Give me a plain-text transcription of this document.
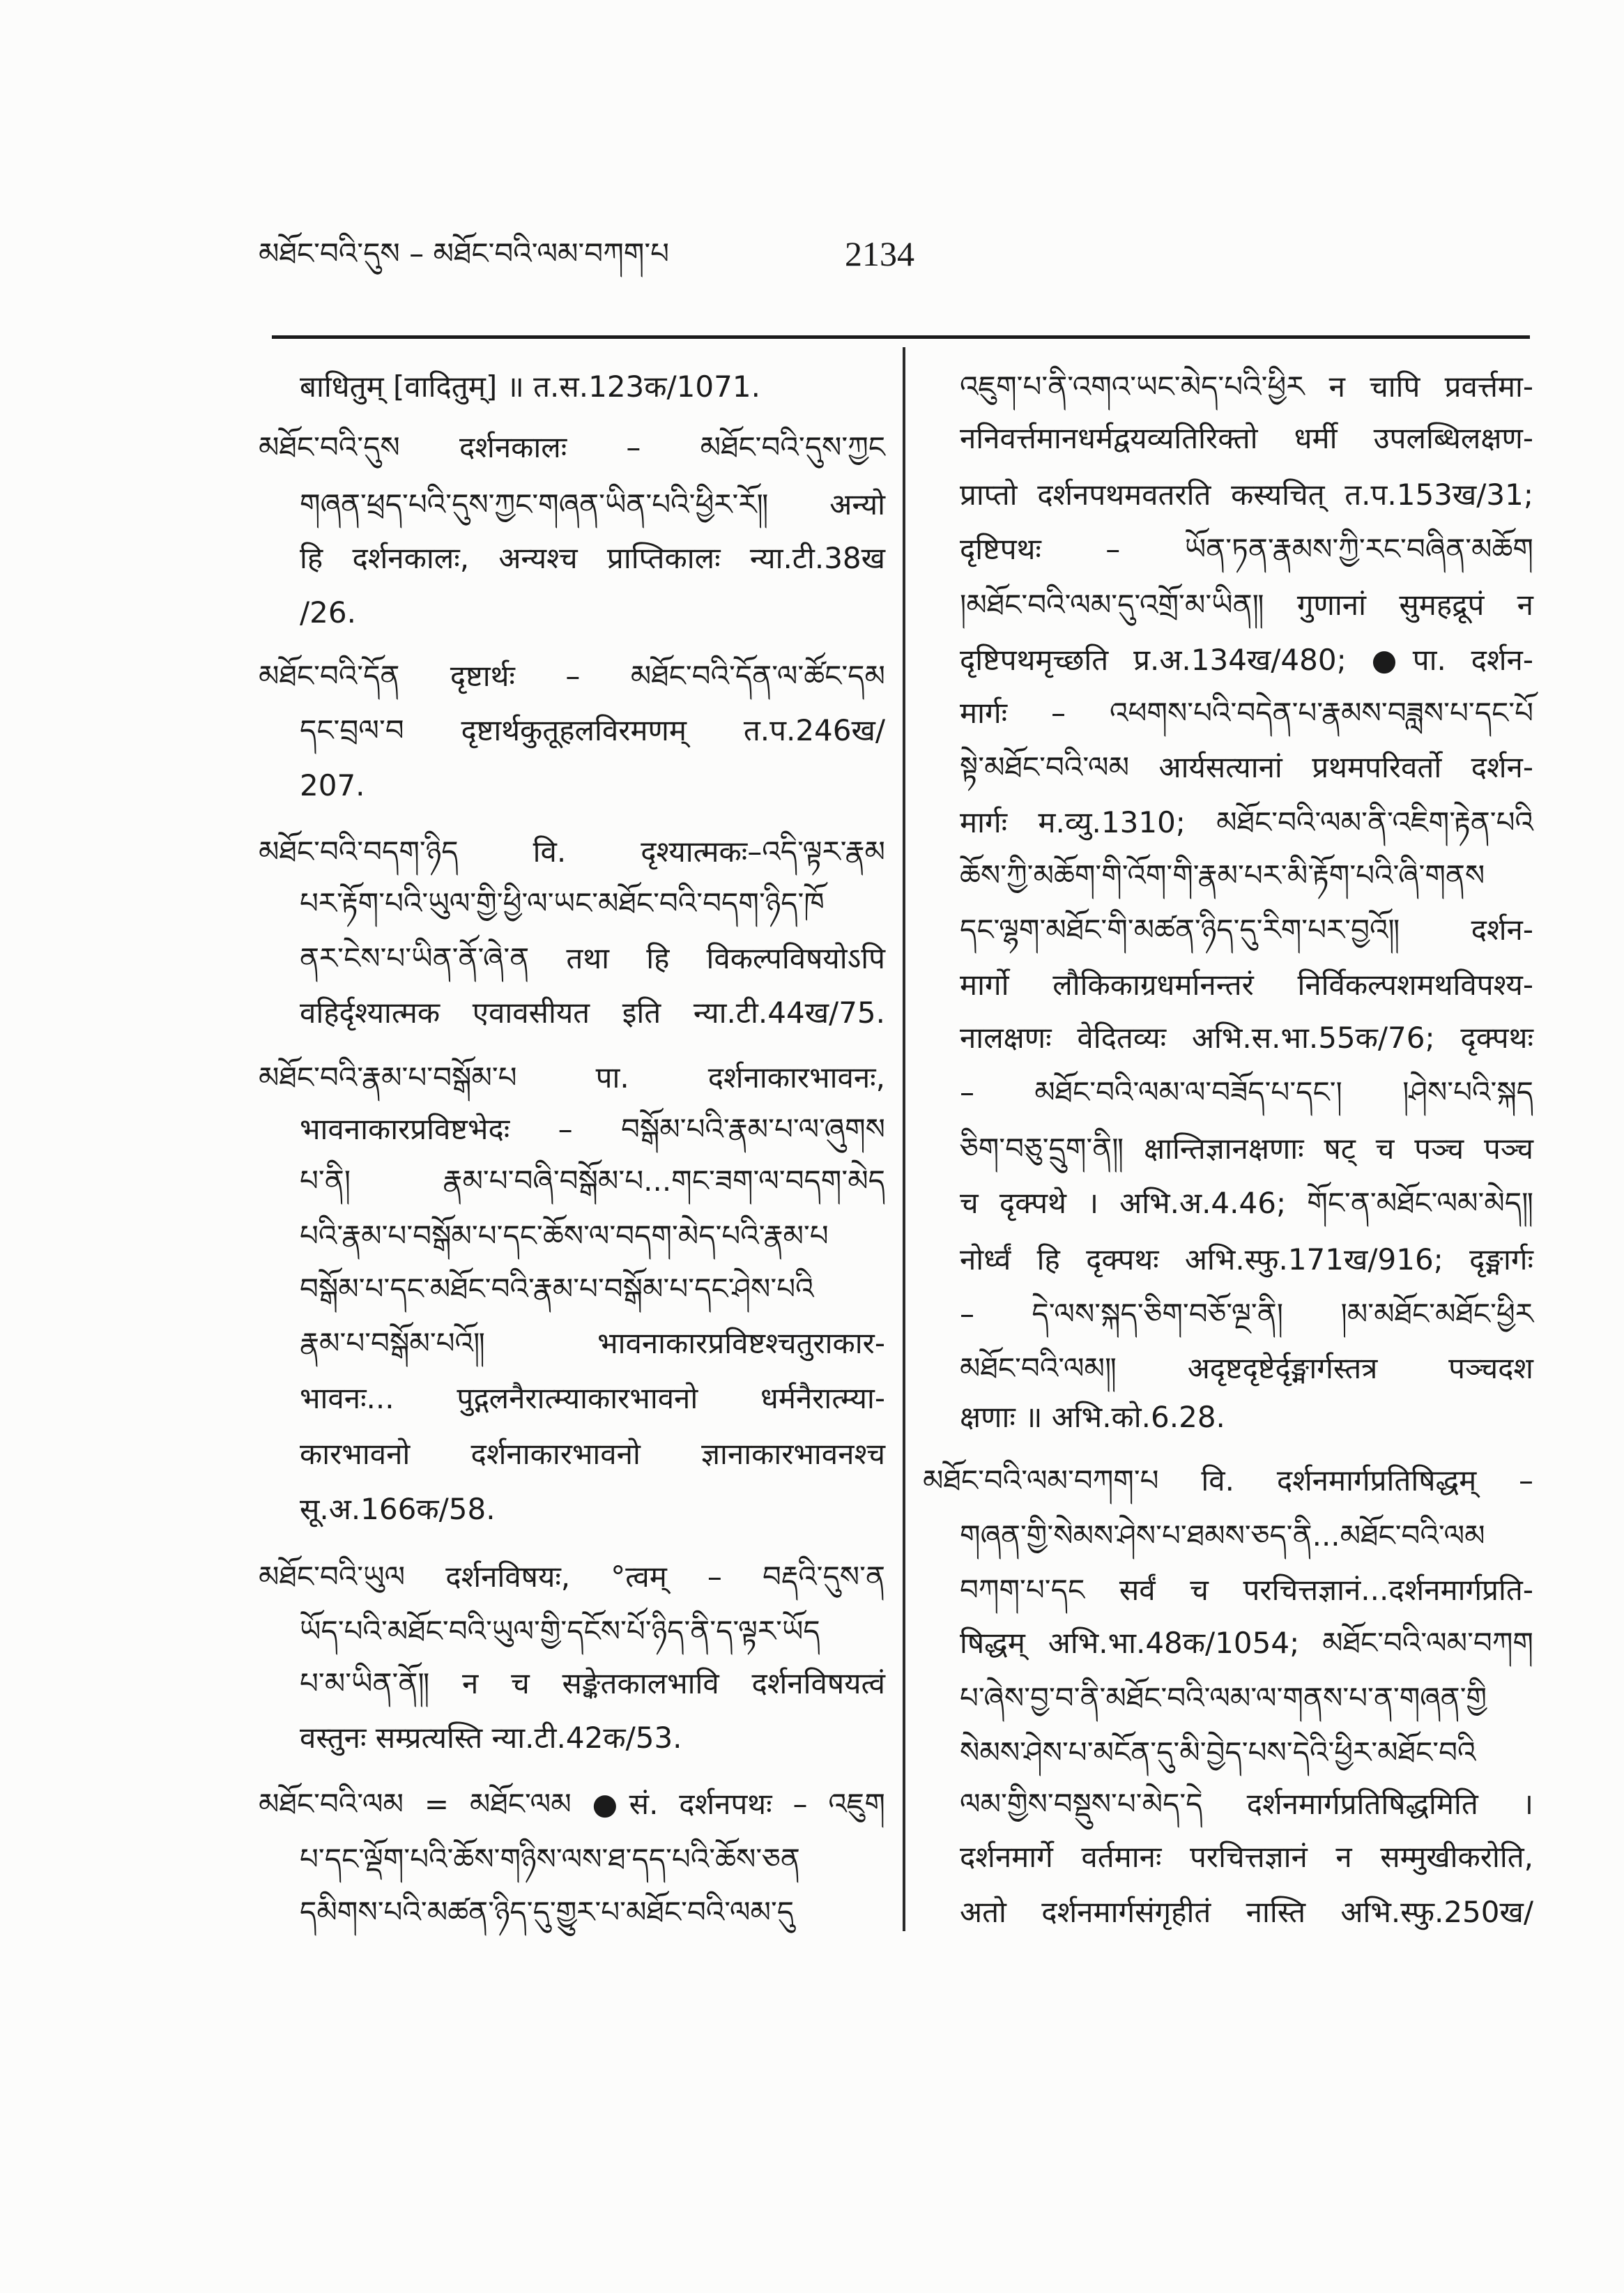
མཐོང་བའི་དུས – མཐོང་བའི་ལམ་བཀག་པ	2134
बाधितुम् [वादितुम्] ॥ त.स.123क/1071.
མཐོང་བའི་དུས दर्शनकालः – མཐོང་བའི་དུས་ཀྱང
གཞན་ཕྲད་པའི་དུས་ཀྱང་གཞན་ཡིན་པའི་ཕྱིར་རོ༎ अन्यो
हि दर्शनकालः, अन्यश्च प्राप्तिकालः न्या.टी.38ख
/26.
མཐོང་བའི་དོན दृष्टार्थः – མཐོང་བའི་དོན་ལ་ཚོང་དམ
དང་བྲལ་བ दृष्टार्थकुतूहलविरमणम् त.प.246ख/
207.
མཐོང་བའི་བདག་ཉིད वि. दृश्यात्मकः–འདི་ལྟར་རྣམ
པར་རྟོག་པའི་ཡུལ་གྱི་ཕྱི་ལ་ཡང་མཐོང་བའི་བདག་ཉིད་ཁོ
ནར་ངེས་པ་ཡིན་ནོ་ཞེ་ན तथा हि विकल्पविषयोऽपि
वहिर्दृश्यात्मक एवावसीयत इति न्या.टी.44ख/75.
མཐོང་བའི་རྣམ་པ་བསྒོམ་པ पा. दर्शनाकारभावनः,
भावनाकारप्रविष्टभेदः – བསྒོམ་པའི་རྣམ་པ་ལ་ཞུགས
པ་ནི། རྣམ་པ་བཞི་བསྒོམ་པ...གང་ཟག་ལ་བདག་མེད
པའི་རྣམ་པ་བསྒོམ་པ་དང་ཆོས་ལ་བདག་མེད་པའི་རྣམ་པ
བསྒོམ་པ་དང་མཐོང་བའི་རྣམ་པ་བསྒོམ་པ་དང་ཤེས་པའི
རྣམ་པ་བསྒོམ་པའོ༎ भावनाकारप्रविष्टश्चतुराकार-
भावनः... पुद्गलनैरात्म्याकारभावनो धर्मनैरात्म्या-
कारभावनो दर्शनाकारभावनो ज्ञानाकारभावनश्च
सू.अ.166क/58.
མཐོང་བའི་ཡུལ दर्शनविषयः, °त्वम् – བརྡའི་དུས་ན
ཡོད་པའི་མཐོང་བའི་ཡུལ་གྱི་དངོས་པོ་ཉིད་ནི་ད་ལྟར་ཡོད
པ་མ་ཡིན་ནོ༎ न च सङ्केतकालभावि दर्शनविषयत्वं
वस्तुनः सम्प्रत्यस्ति न्या.टी.42क/53.
མཐོང་བའི་ལམ = མཐོང་ལམ ●सं. दर्शनपथः – འཇུག
པ་དང་ལྡོག་པའི་ཆོས་གཉིས་ལས་ཐ་དད་པའི་ཆོས་ཅན
དམིགས་པའི་མཚན་ཉིད་དུ་གྱུར་པ་མཐོང་བའི་ལམ་དུ
འཇུག་པ་ནི་འགའ་ཡང་མེད་པའི་ཕྱིར न चापि प्रवर्त्तमा-
ननिवर्त्तमानधर्मद्वयव्यतिरिक्तो धर्मी उपलब्धिलक्षण-
प्राप्तो दर्शनपथमवतरति कस्यचित् त.प.153ख/31;
दृष्टिपथः – ཡོན་ཏན་རྣམས་ཀྱི་རང་བཞིན་མཆོག
།མཐོང་བའི་ལམ་དུ་འགྲོ་མ་ཡིན༎ गुणानां सुमहद्रूपं न
दृष्टिपथमृच्छति प्र.अ.134ख/480; ●पा. दर्शन-
मार्गः – འཕགས་པའི་བདེན་པ་རྣམས་བཟླས་པ་དང་པོ
སྟེ་མཐོང་བའི་ལམ आर्यसत्यानां प्रथमपरिवर्तो दर्शन-
मार्गः म.व्यु.1310; མཐོང་བའི་ལམ་ནི་འཇིག་རྟེན་པའི
ཆོས་ཀྱི་མཆོག་གི་འོག་གི་རྣམ་པར་མི་རྟོག་པའི་ཞི་གནས
དང་ལྷག་མཐོང་གི་མཚན་ཉིད་དུ་རིག་པར་བྱའོ༎ दर्शन-
मार्गो लौकिकाग्रधर्मानन्तरं निर्विकल्पशमथविपश्य-
नालक्षणः वेदितव्यः अभि.स.भा.55क/76; दृक्पथः
– མཐོང་བའི་ལམ་ལ་བཟོད་པ་དང་། །ཤེས་པའི་སྐད
ཅིག་བཅུ་དྲུག་ནི༎ क्षान्तिज्ञानक्षणाः षट् च पञ्च पञ्च
च दृक्पथे । अभि.अ.4.46; གོང་ན་མཐོང་ལམ་མེད༎
नोर्ध्वं हि दृक्पथः अभि.स्फु.171ख/916; दृङ्मार्गः
– དེ་ལས་སྐད་ཅིག་བཅོ་ལྔ་ནི། །མ་མཐོང་མཐོང་ཕྱིར
མཐོང་བའི་ལམ༎ अदृष्टदृष्टेर्दृङ्मार्गस्तत्र पञ्चदश
क्षणाः ॥ अभि.को.6.28.
མཐོང་བའི་ལམ་བཀག་པ वि. दर्शनमार्गप्रतिषिद्धम् –
གཞན་གྱི་སེམས་ཤེས་པ་ཐམས་ཅད་ནི...མཐོང་བའི་ལམ
བཀག་པ་དང सर्वं च परचित्तज्ञानं...दर्शनमार्गप्रति-
षिद्धम् अभि.भा.48क/1054; མཐོང་བའི་ལམ་བཀག
པ་ཞེས་བྱ་བ་ནི་མཐོང་བའི་ལམ་ལ་གནས་པ་ན་གཞན་གྱི
སེམས་ཤེས་པ་མངོན་དུ་མི་བྱེད་པས་དེའི་ཕྱིར་མཐོང་བའི
ལམ་གྱིས་བསྡུས་པ་མེད་དེ दर्शनमार्गप्रतिषिद्धमिति ।
दर्शनमार्गे वर्तमानः परचित्तज्ञानं न सम्मुखीकरोति,
अतो दर्शनमार्गसंगृहीतं नास्ति अभि.स्फु.250ख/
